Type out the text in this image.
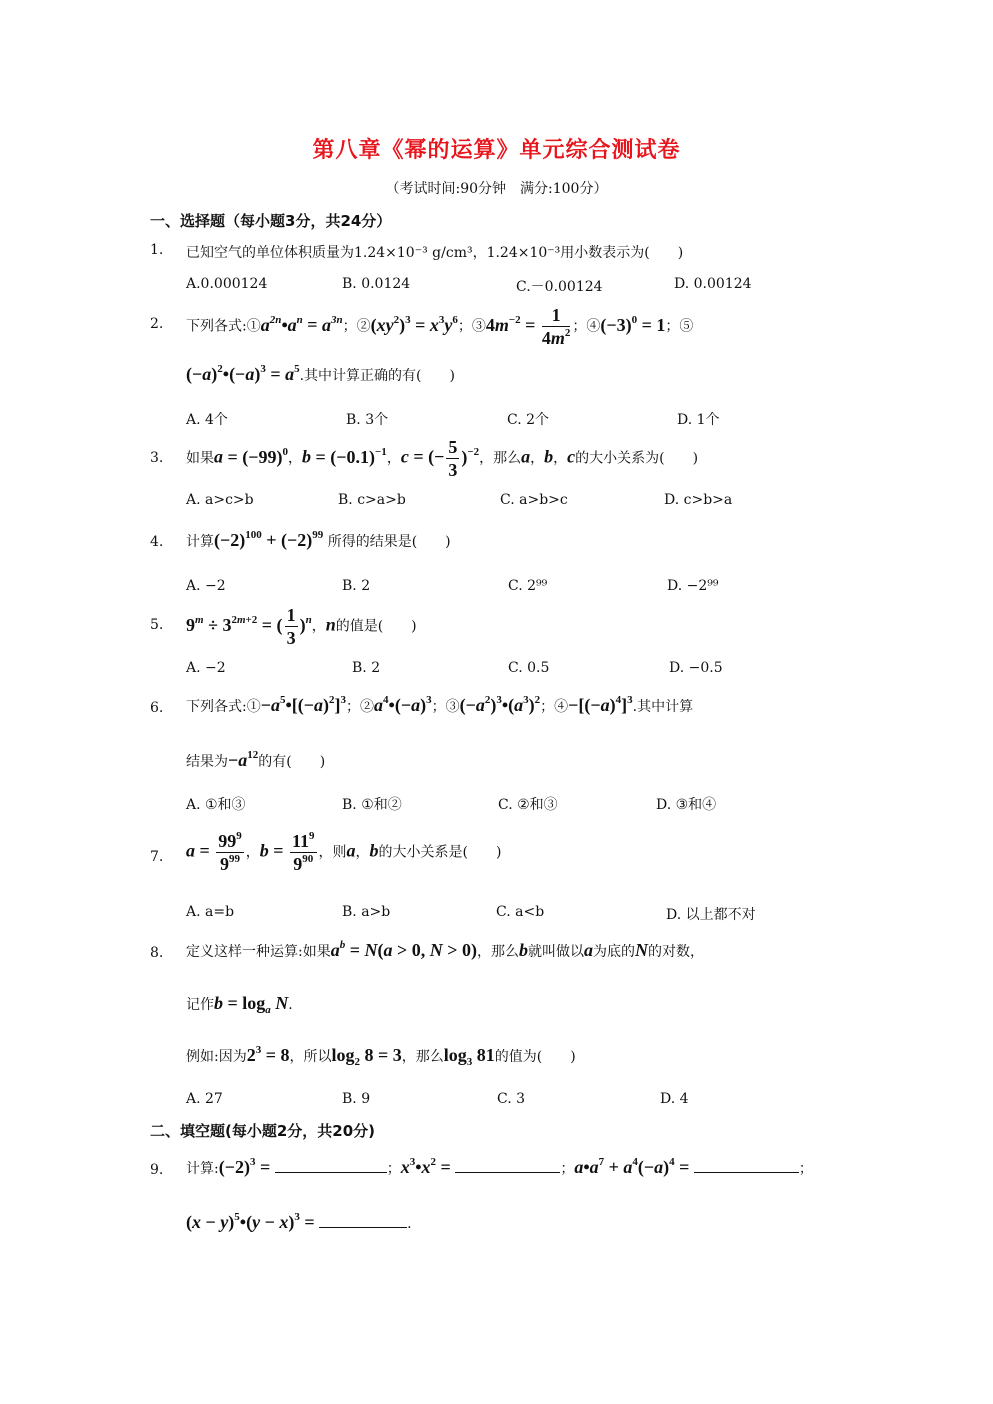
第八章《幂的运算》单元综合测试卷
（考试时间:90分钟　满分:100分）
一、选择题（每小题3分，共24分）
1. 已知空气的单位体积质量为1.24×10⁻³ g/cm³，1.24×10⁻³用小数表示为(　　)
A.0.000124	B. 0.0124	C.－0.00124	D. 0.00124
2. 下列各式$:①a^{2n}•a^n = a^{3n}$；$②(xy^2)^3 = x^3y^6$；$③4m^{-2} = \frac{1}{4m^2}$ ；$④(-3)^0 = 1$；⑤
$(-a)^2•(-a)^3 = a^5$.其中计算正确的有(　　)
A. 4个	B. 3个	C. 2个	D. 1个
3. 如果$a = (-99)^0$，$b = (-0.1)^{-1}$，c = (− $\frac{5}{3} )^{-2}$，那么a，b，c的大小关系为(　　)
A. a>c>b	B. c>a>b	C. a>b>c	D. c>b>a
4. 计算$(-2)^{100} + (-2)^{99}$ 所得的结果是(　　)
A. −2	B. 2	C. 2⁹⁹	D. −2⁹⁹
5. $9^m \div 3^{2m+2}$ = ( $\frac{1}{3} )^n$，n的值是(　　)
A. −2	B. 2	C. 0.5	D. −0.5
6. 下列各式$:①-a^5•[(-a)^2]^3$；$②a^4•(-a)^3$；$③(-a^2)^3•(a^3)^2$；$④-[(-a)^4]^3$.其中计算
结果为$-a^{12}$的有(　　)
A. ①和③	B. ①和②	C. ②和③	D. ③和④
7. $a = \frac{99^9}{9^{99}}$ ，$b = \frac{11^9}{9^{90}}$ ，则a，b的大小关系是(　　)
A. a=b	B. a>b	C. a<b	D. 以上都不对
8. 定义这样一种运算:如果$a^b = N(a > 0$, N > 0)，那么b就叫做以a为底的N的对数，
记作$b = \log_a N$.
例如:因为$2^3 = 8$，所以$\log_2 8 = 3$，那么$\log_3 81$的值为(　　)
A. 27	B. 9	C. 3	D. 4
二、填空题(每小题2分，共20分)
9. 计算$:(-2)^3$ =	；$x^3•x^2$ =	；$a•a^7 + a^4(-a)^4$ =	；
$(x - y)^5•(y - x)^3$ =	.
